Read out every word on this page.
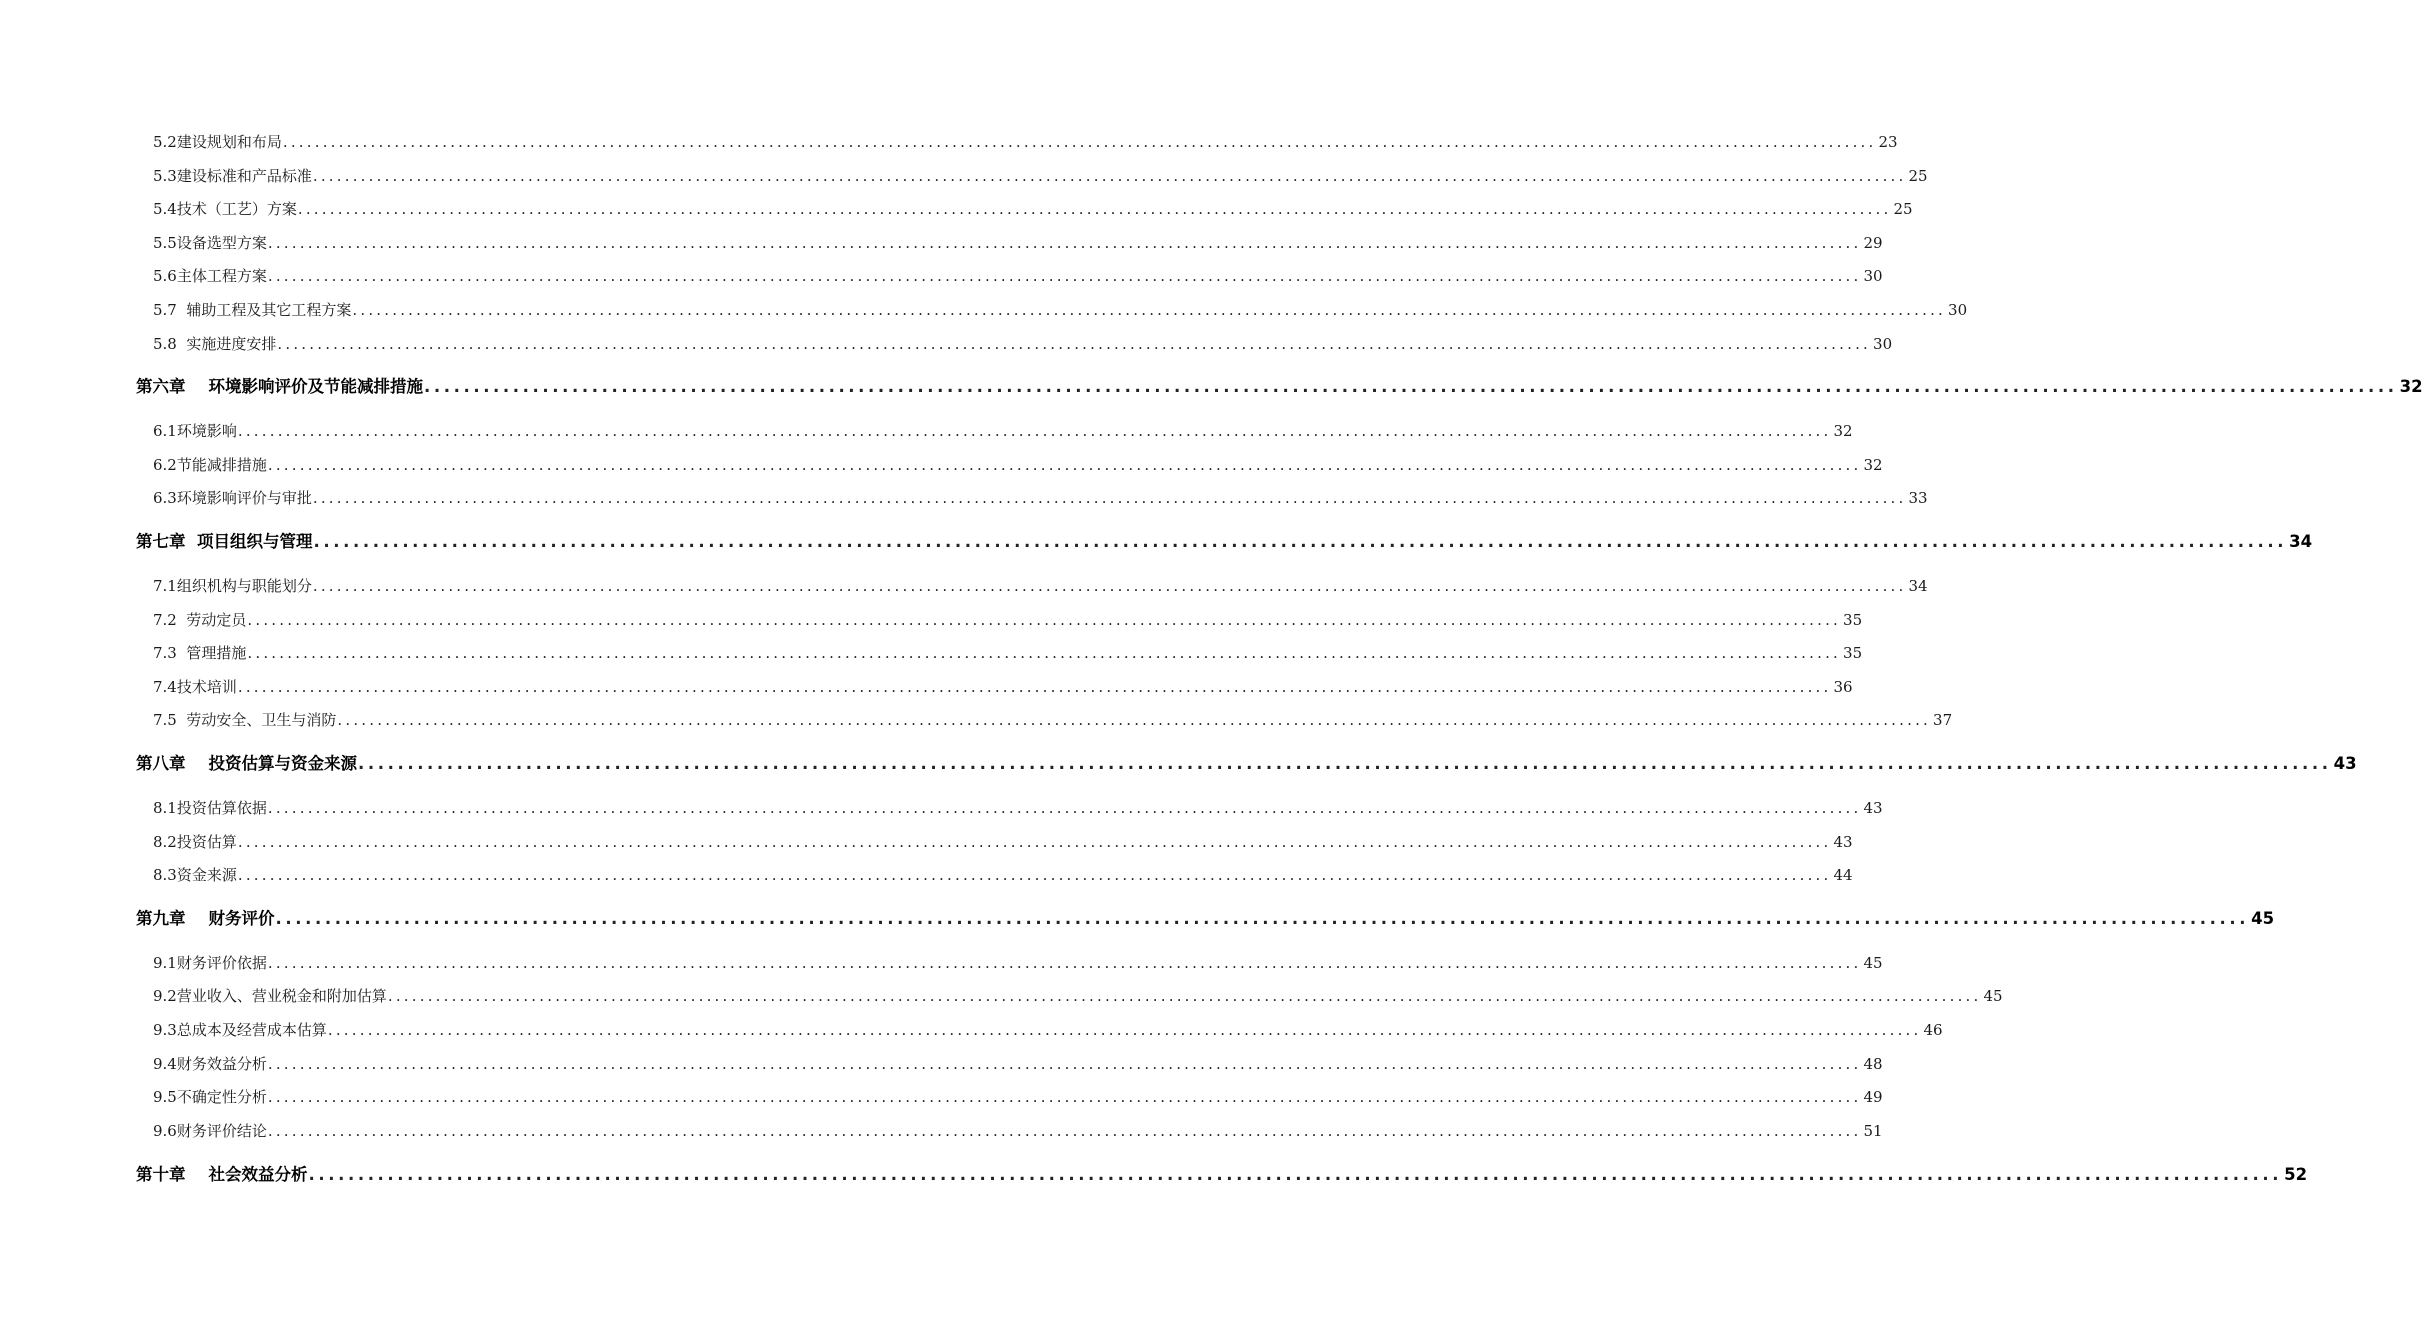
5.2建设规划和布局 ........................................................................................................................................................................................................ 23
5.3建设标准和产品标准 ........................................................................................................................................................................................................ 25
5.4技术（工艺）方案 ........................................................................................................................................................................................................ 25
5.5设备选型方案 ........................................................................................................................................................................................................ 29
5.6主体工程方案 ........................................................................................................................................................................................................ 30
5.7  辅助工程及其它工程方案 ........................................................................................................................................................................................................ 30
5.8  实施进度安排 ........................................................................................................................................................................................................ 30
第六章    环境影响评价及节能减排措施 ........................................................................................................................................................................................................ 32
6.1环境影响 ........................................................................................................................................................................................................ 32
6.2节能减排措施 ........................................................................................................................................................................................................ 32
6.3环境影响评价与审批 ........................................................................................................................................................................................................ 33
第七章  项目组织与管理 ........................................................................................................................................................................................................ 34
7.1组织机构与职能划分 ........................................................................................................................................................................................................ 34
7.2  劳动定员 ........................................................................................................................................................................................................ 35
7.3  管理措施 ........................................................................................................................................................................................................ 35
7.4技术培训 ........................................................................................................................................................................................................ 36
7.5  劳动安全、卫生与消防 ........................................................................................................................................................................................................ 37
第八章    投资估算与资金来源 ........................................................................................................................................................................................................ 43
8.1投资估算依据 ........................................................................................................................................................................................................ 43
8.2投资估算 ........................................................................................................................................................................................................ 43
8.3资金来源 ........................................................................................................................................................................................................ 44
第九章    财务评价 ........................................................................................................................................................................................................ 45
9.1财务评价依据 ........................................................................................................................................................................................................ 45
9.2营业收入、营业税金和附加估算 ........................................................................................................................................................................................................ 45
9.3总成本及经营成本估算 ........................................................................................................................................................................................................ 46
9.4财务效益分析 ........................................................................................................................................................................................................ 48
9.5不确定性分析 ........................................................................................................................................................................................................ 49
9.6财务评价结论 ........................................................................................................................................................................................................ 51
第十章    社会效益分析 ........................................................................................................................................................................................................ 52
